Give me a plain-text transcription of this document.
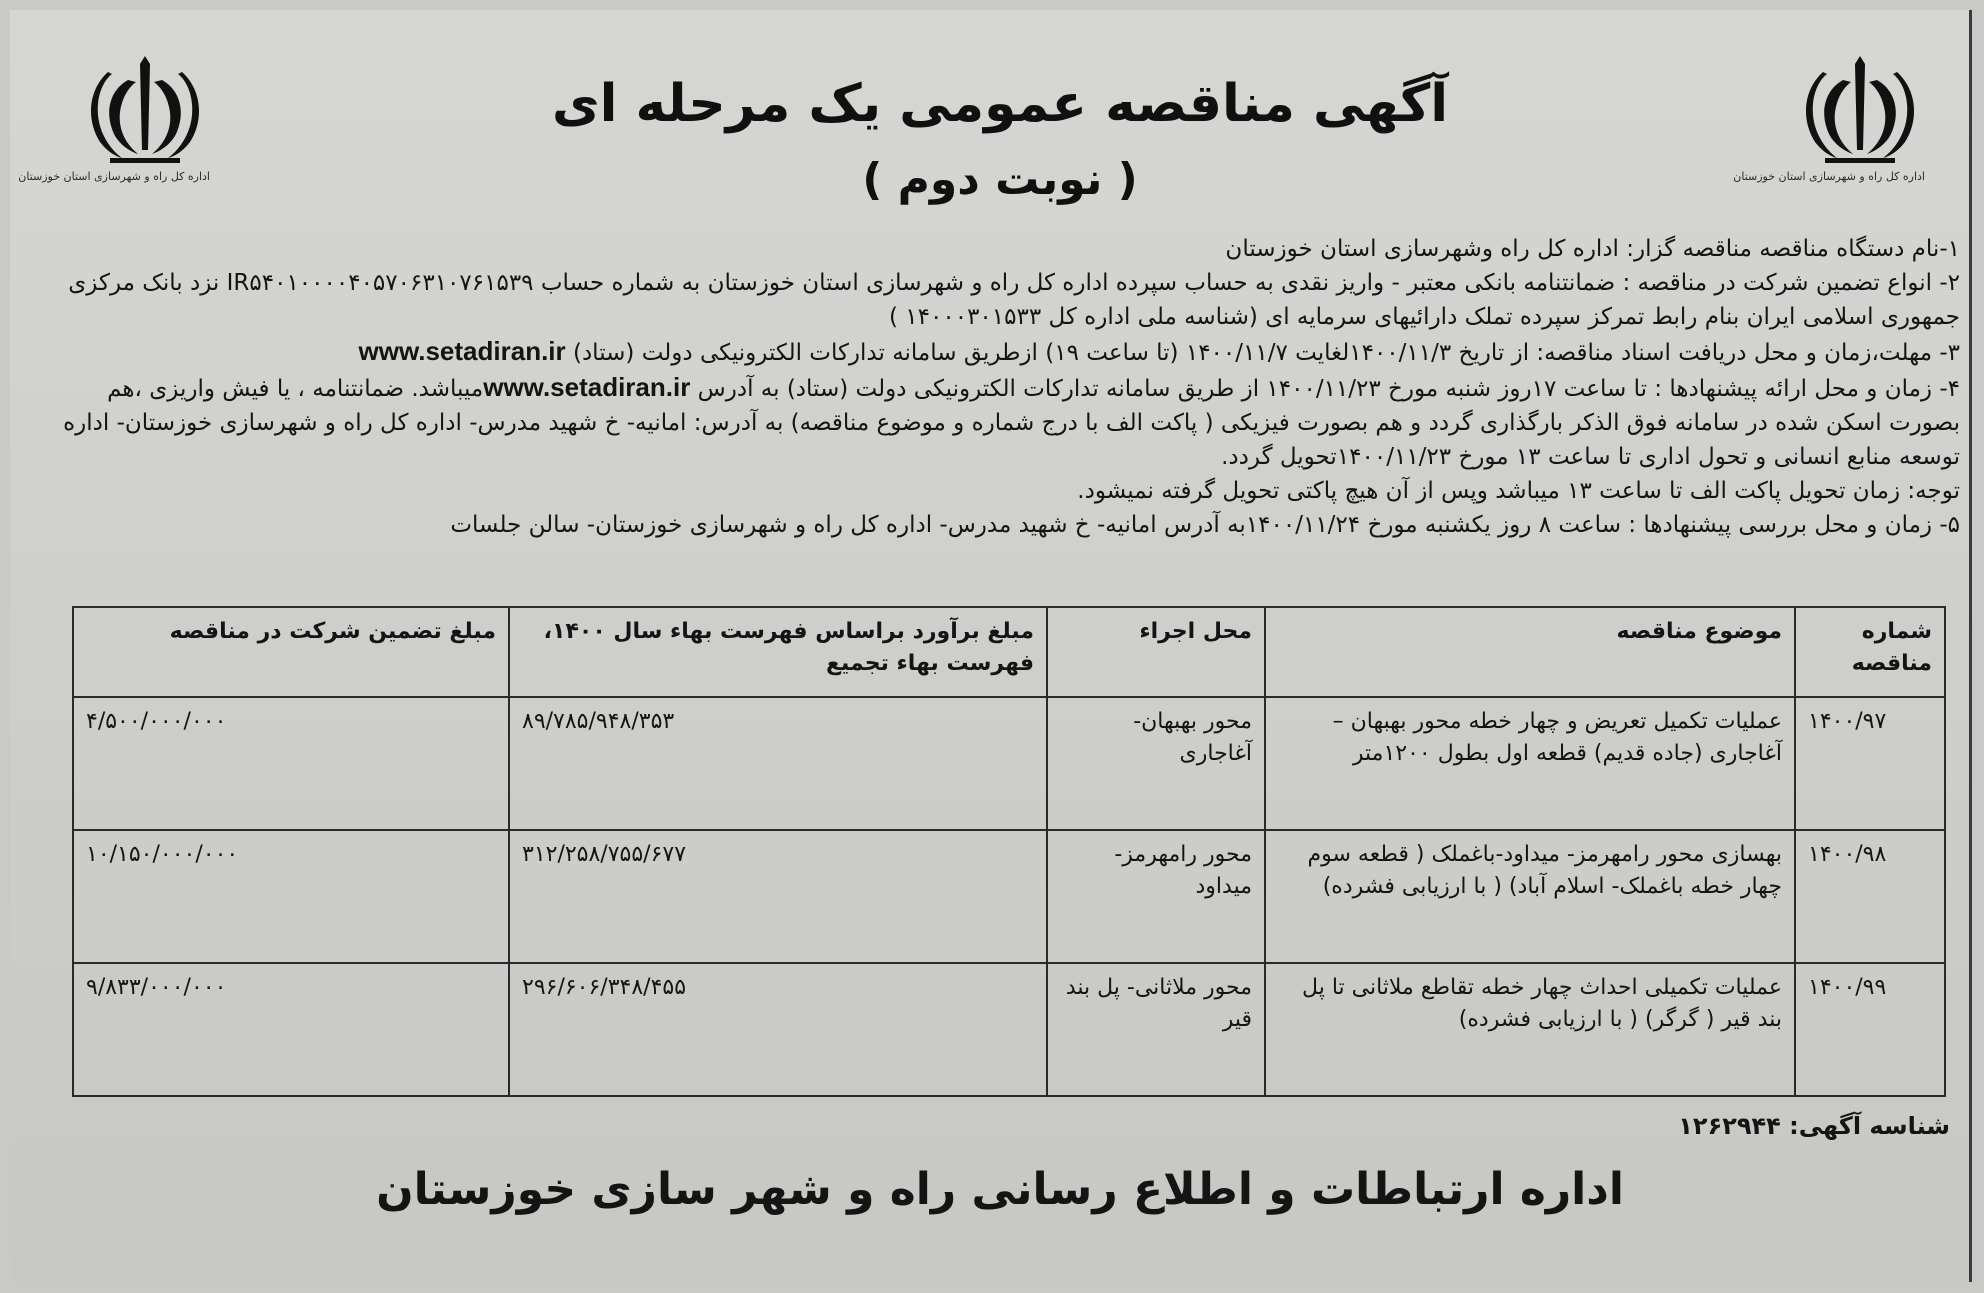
اداره کل راه و شهرسازی استان خوزستان
اداره کل راه و شهرسازی استان خوزستان
آگهی مناقصه عمومی یک مرحله ای
( نوبت دوم )

۱-نام دستگاه مناقصه مناقصه گزار: اداره کل راه وشهرسازی استان خوزستان

۲- انواع تضمین شرکت در مناقصه : ضمانتنامه بانکی معتبر - واریز نقدی به حساب سپرده اداره کل راه و شهرسازی استان خوزستان به شماره حساب IR۵۴۰۱۰۰۰۰۴۰۵۷۰۶۳۱۰۷۶۱۵۳۹ نزد بانک مرکزی جمهوری اسلامی ایران بنام رابط تمرکز سپرده تملک دارائیهای سرمایه ای (شناسه ملی اداره کل ۱۴۰۰۰۳۰۱۵۳۳ )

۳- مهلت،زمان و محل دریافت اسناد مناقصه: از تاریخ ۱۴۰۰/۱۱/۳لغایت ۱۴۰۰/۱۱/۷ (تا ساعت ۱۹) ازطریق سامانه تدارکات الکترونیکی دولت (ستاد) www.setadiran.ir

۴- زمان و محل ارائه پیشنهادها : تا ساعت ۱۷روز شنبه مورخ ۱۴۰۰/۱۱/۲۳ از طریق سامانه تدارکات الکترونیکی دولت (ستاد) به آدرس www.setadiran.irمیباشد. ضمانتنامه ، یا فیش واریزی ،هم بصورت اسکن شده در سامانه فوق الذکر بارگذاری گردد و هم بصورت فیزیکی ( پاکت الف با درج شماره و موضوع مناقصه) به آدرس: امانیه- خ شهید مدرس- اداره کل راه و شهرسازی خوزستان- اداره توسعه منابع انسانی و تحول اداری تا ساعت ۱۳ مورخ ۱۴۰۰/۱۱/۲۳تحویل گردد.

توجه: زمان تحویل پاکت الف تا ساعت ۱۳ میباشد وپس از آن هیچ پاکتی تحویل گرفته نمیشود.

۵- زمان و محل بررسی پیشنهادها : ساعت ۸ روز یکشنبه مورخ ۱۴۰۰/۱۱/۲۴به آدرس امانیه- خ شهید مدرس- اداره کل راه و شهرسازی خوزستان- سالن جلسات

شماره مناقصه	موضوع مناقصه	محل اجراء	مبلغ برآورد براساس فهرست بهاء سال ۱۴۰۰، فهرست بهاء تجمیع	مبلغ تضمین شرکت در مناقصه
۱۴۰۰/۹۷	عملیات تکمیل تعریض و چهار خطه محور بهبهان – آغاجاری (جاده قدیم) قطعه اول بطول ۱۲۰۰متر	محور بهبهان- آغاجاری	۸۹/۷۸۵/۹۴۸/۳۵۳	۴/۵۰۰/۰۰۰/۰۰۰
۱۴۰۰/۹۸	بهسازی محور رامهرمز- میداود-باغملک ( قطعه سوم چهار خطه باغملک- اسلام آباد) ( با ارزیابی فشرده)	محور رامهرمز- میداود	۳۱۲/۲۵۸/۷۵۵/۶۷۷	۱۰/۱۵۰/۰۰۰/۰۰۰
۱۴۰۰/۹۹	عملیات تکمیلی احداث چهار خطه تقاطع ملاثانی تا پل بند قیر ( گرگر) ( با ارزیابی فشرده)	محور ملاثانی- پل بند قیر	۲۹۶/۶۰۶/۳۴۸/۴۵۵	۹/۸۳۳/۰۰۰/۰۰۰
شناسه آگهی: ۱۲۶۲۹۴۴
اداره ارتباطات و اطلاع رسانی راه و شهر سازی خوزستان
